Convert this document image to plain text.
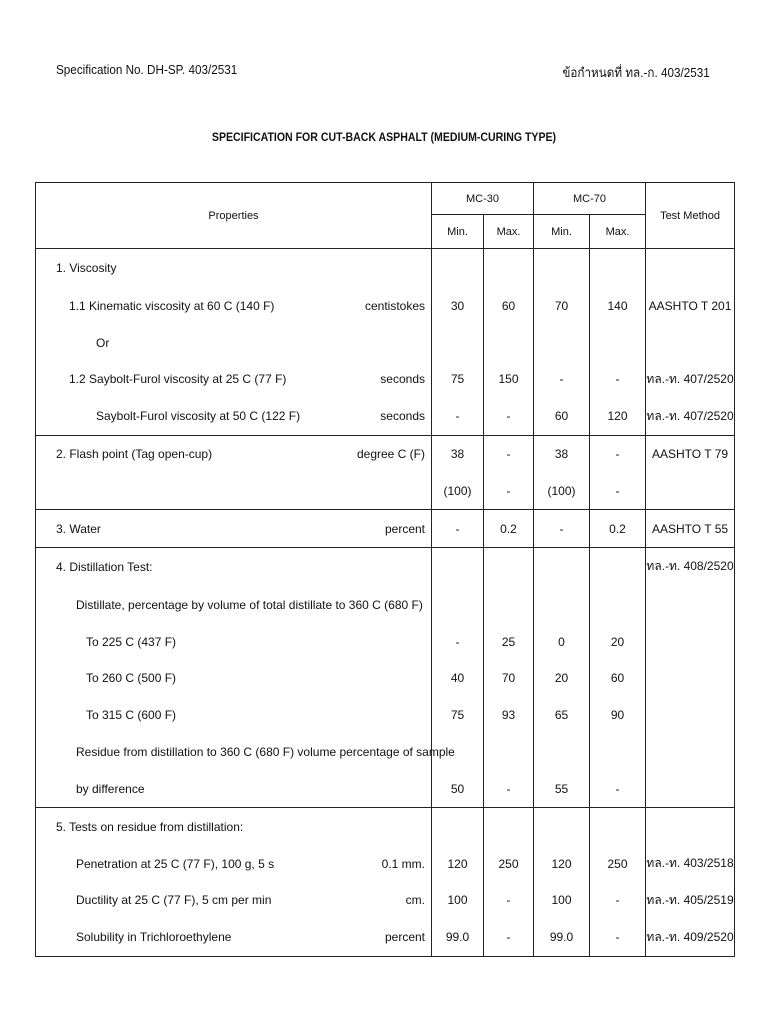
Specification No. DH-SP. 403/2531	ข้อกำหนดที่ ทล.-ก. 403/2531
SPECIFICATION FOR CUT-BACK ASPHALT (MEDIUM-CURING TYPE)
Properties	MC-30		MC-70		Test Method
	Min.	Max.	Min.	Max.	

1. Viscosity					

1.1 Kinematic viscosity at 60 C (140 F) centistokes	30	60	70	140	AASHTO T 201

Or					

1.2 Saybolt-Furol viscosity at 25 C (77 F) seconds	75	150	-	-	ทล.-ท. 407/2520

Saybolt-Furol viscosity at 50 C (122 F) seconds	-	-	60	120	ทล.-ท. 407/2520

2. Flash point (Tag open-cup) degree C (F)	38	-	38	-	AASHTO T 79

	(100)	-	(100)	-	

3. Water percent	-	0.2	-	0.2	AASHTO T 55

4. Distillation Test:					ทล.-ท. 408/2520

Distillate, percentage by volume of total distillate to 360 C (680 F)					

To 225 C (437 F)	-	25	0	20	

To 260 C (500 F)	40	70	20	60	

To 315 C (600 F)	75	93	65	90	

Residue from distillation to 360 C (680 F) volume percentage of sample					

by difference	50	-	55	-	

5. Tests on residue from distillation:					

Penetration at 25 C (77 F), 100 g, 5 s 0.1 mm.	120	250	120	250	ทล.-ท. 403/2518

Ductility at 25 C (77 F), 5 cm per min cm.	100	-	100	-	ทล.-ท. 405/2519

Solubility in Trichloroethylene percent	99.0	-	99.0	-	ทล.-ท. 409/2520
